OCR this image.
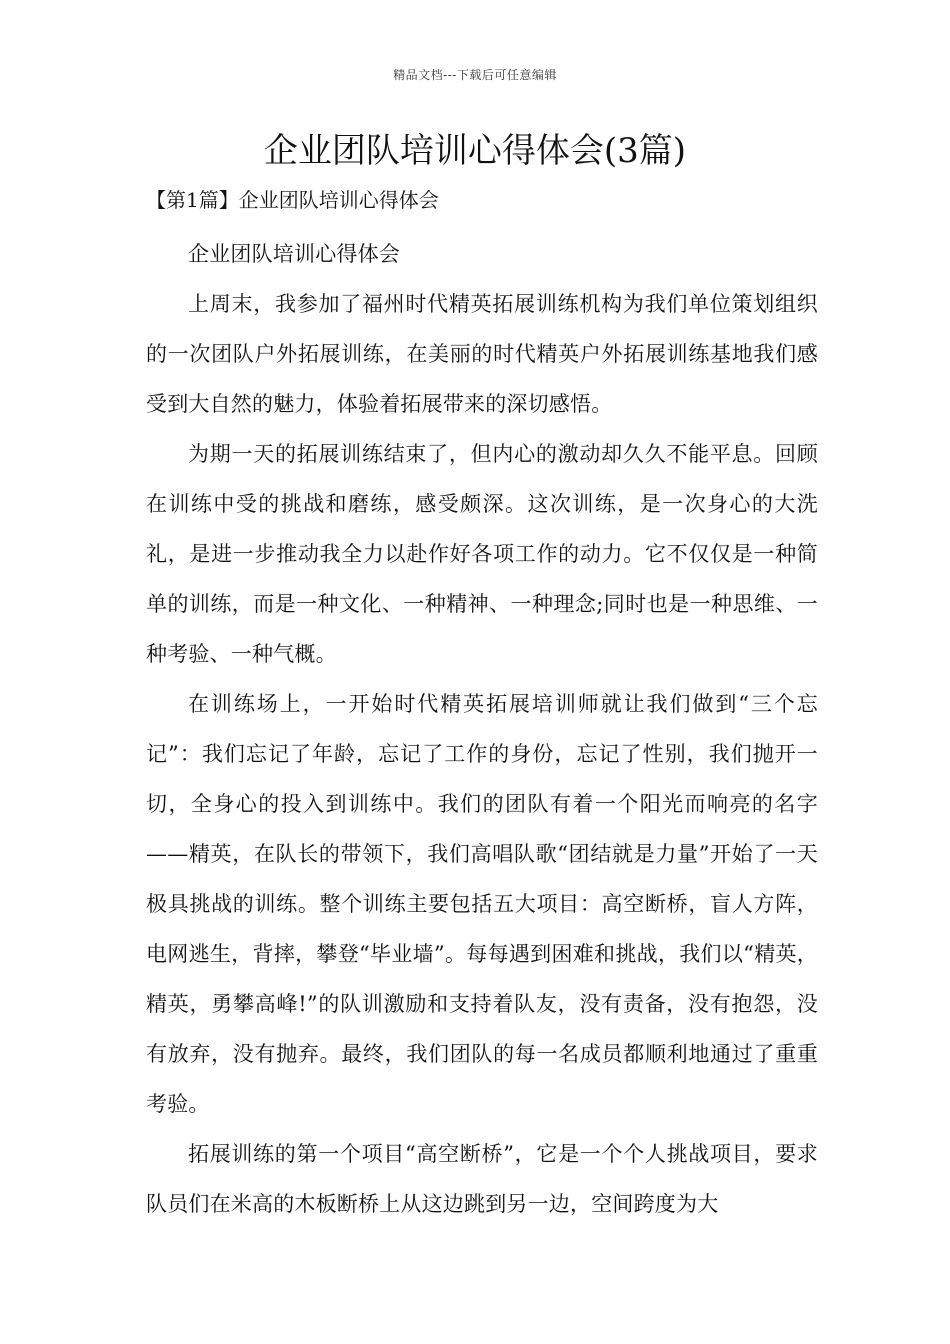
精品文档---下载后可任意编辑
企业团队培训心得体会(3篇)
【第1篇】企业团队培训心得体会

企业团队培训心得体会

上周末，我参加了福州时代精英拓展训练机构为我们单位策划组织的一次团队户外拓展训练，在美丽的时代精英户外拓展训练基地我们感受到大自然的魅力，体验着拓展带来的深切感悟。

为期一天的拓展训练结束了，但内心的激动却久久不能平息。回顾在训练中受的挑战和磨练，感受颇深。这次训练，是一次身心的大洗礼，是进一步推动我全力以赴作好各项工作的动力。它不仅仅是一种简单的训练，而是一种文化、一种精神、一种理念;同时也是一种思维、一种考验、一种气概。

在训练场上，一开始时代精英拓展培训师就让我们做到“三个忘记”：我们忘记了年龄，忘记了工作的身份，忘记了性别，我们抛开一切，全身心的投入到训练中。我们的团队有着一个阳光而响亮的名字——精英，在队长的带领下，我们高唱队歌“团结就是力量”开始了一天极具挑战的训练。整个训练主要包括五大项目：高空断桥，盲人方阵，电网逃生，背摔，攀登“毕业墙”。每每遇到困难和挑战，我们以“精英，精英，勇攀高峰!”的队训激励和支持着队友，没有责备，没有抱怨，没有放弃，没有抛弃。最终，我们团队的每一名成员都顺利地通过了重重考验。

拓展训练的第一个项目“高空断桥”，它是一个个人挑战项目，要求队员们在米高的木板断桥上从这边跳到另一边，空间跨度为大
